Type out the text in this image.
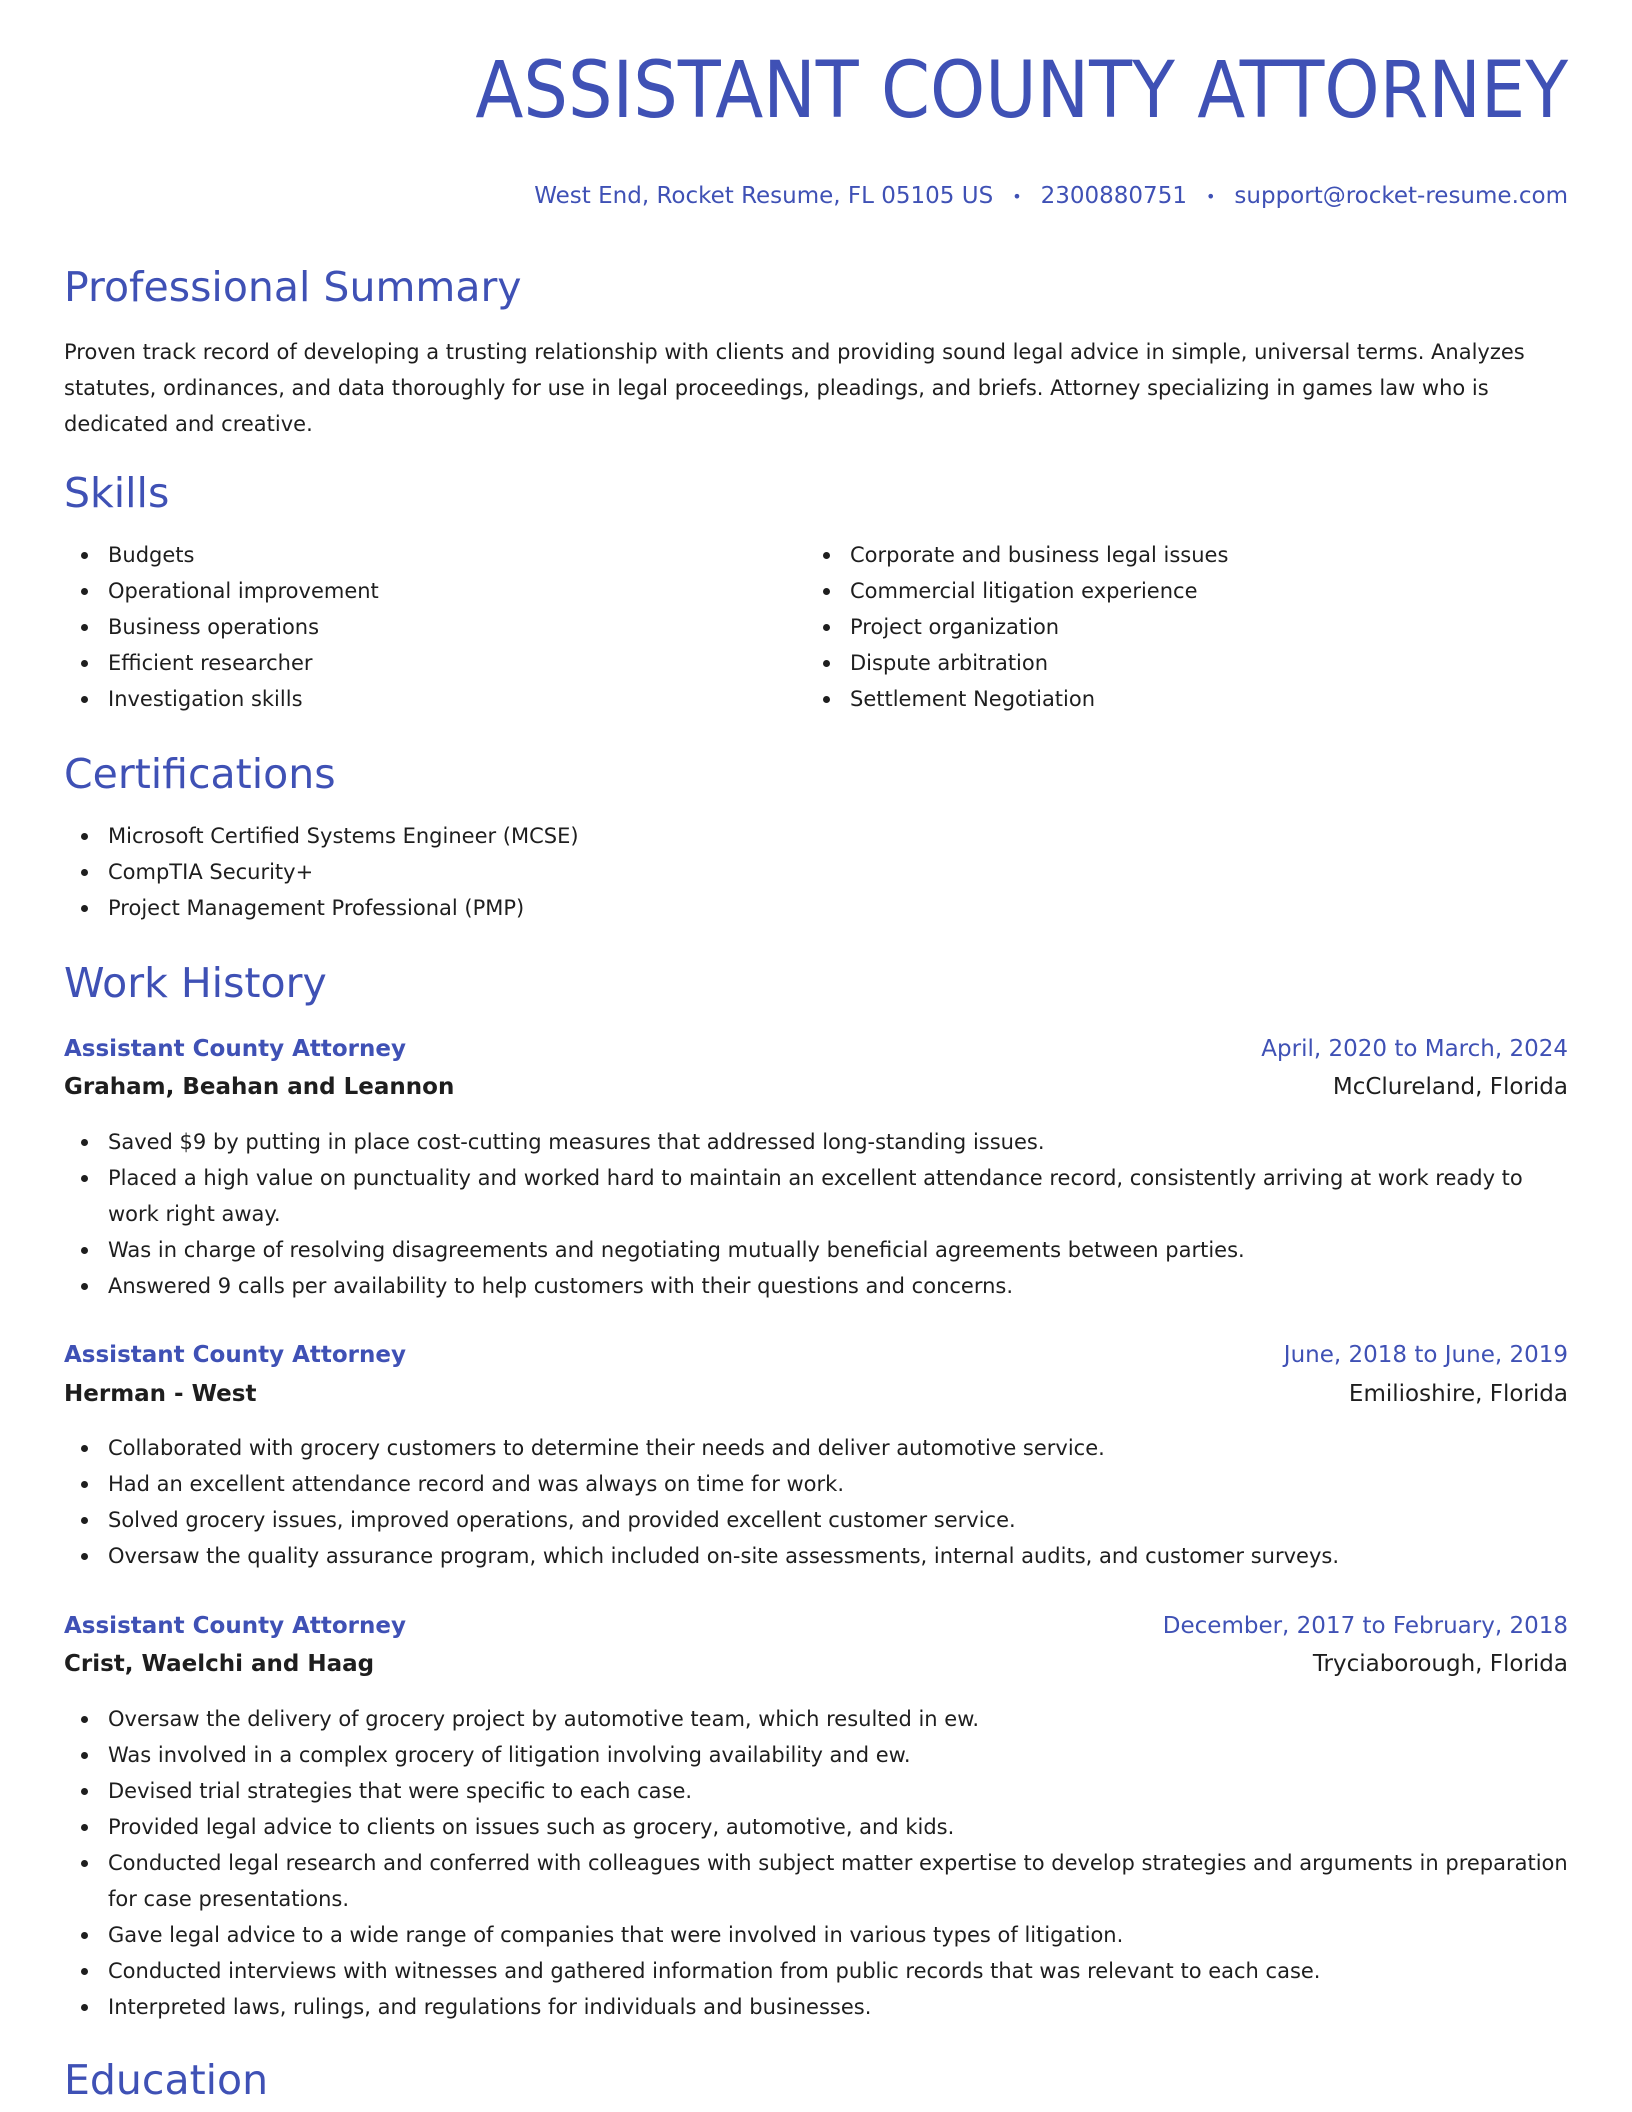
ASSISTANT COUNTY ATTORNEY
West End, Rocket Resume, FL 05105 US • 2300880751 • support@rocket-resume.com
Professional Summary

Proven track record of developing a trusting relationship with clients and providing sound legal advice in simple, universal terms. Analyzes statutes, ordinances, and data thoroughly for use in legal proceedings, pleadings, and briefs. Attorney specializing in games law who is dedicated and creative.

Skills
Budgets
Operational improvement
Business operations
Efficient researcher
Investigation skills
Corporate and business legal issues
Commercial litigation experience
Project organization
Dispute arbitration
Settlement Negotiation
Certifications
Microsoft Certified Systems Engineer (MCSE)
CompTIA Security+
Project Management Professional (PMP)
Work History
Assistant County Attorney	April, 2020 to March, 2024
Graham, Beahan and Leannon	McClureland, Florida
Saved $9 by putting in place cost-cutting measures that addressed long-standing issues.
Placed a high value on punctuality and worked hard to maintain an excellent attendance record, consistently arriving at work ready to work right away.
Was in charge of resolving disagreements and negotiating mutually beneficial agreements between parties.
Answered 9 calls per availability to help customers with their questions and concerns.
Assistant County Attorney	June, 2018 to June, 2019
Herman - West	Emilioshire, Florida
Collaborated with grocery customers to determine their needs and deliver automotive service.
Had an excellent attendance record and was always on time for work.
Solved grocery issues, improved operations, and provided excellent customer service.
Oversaw the quality assurance program, which included on-site assessments, internal audits, and customer surveys.
Assistant County Attorney	December, 2017 to February, 2018
Crist, Waelchi and Haag	Tryciaborough, Florida
Oversaw the delivery of grocery project by automotive team, which resulted in ew.
Was involved in a complex grocery of litigation involving availability and ew.
Devised trial strategies that were specific to each case.
Provided legal advice to clients on issues such as grocery, automotive, and kids.
Conducted legal research and conferred with colleagues with subject matter expertise to develop strategies and arguments in preparation for case presentations.
Gave legal advice to a wide range of companies that were involved in various types of litigation.
Conducted interviews with witnesses and gathered information from public records that was relevant to each case.
Interpreted laws, rulings, and regulations for individuals and businesses.
Education
